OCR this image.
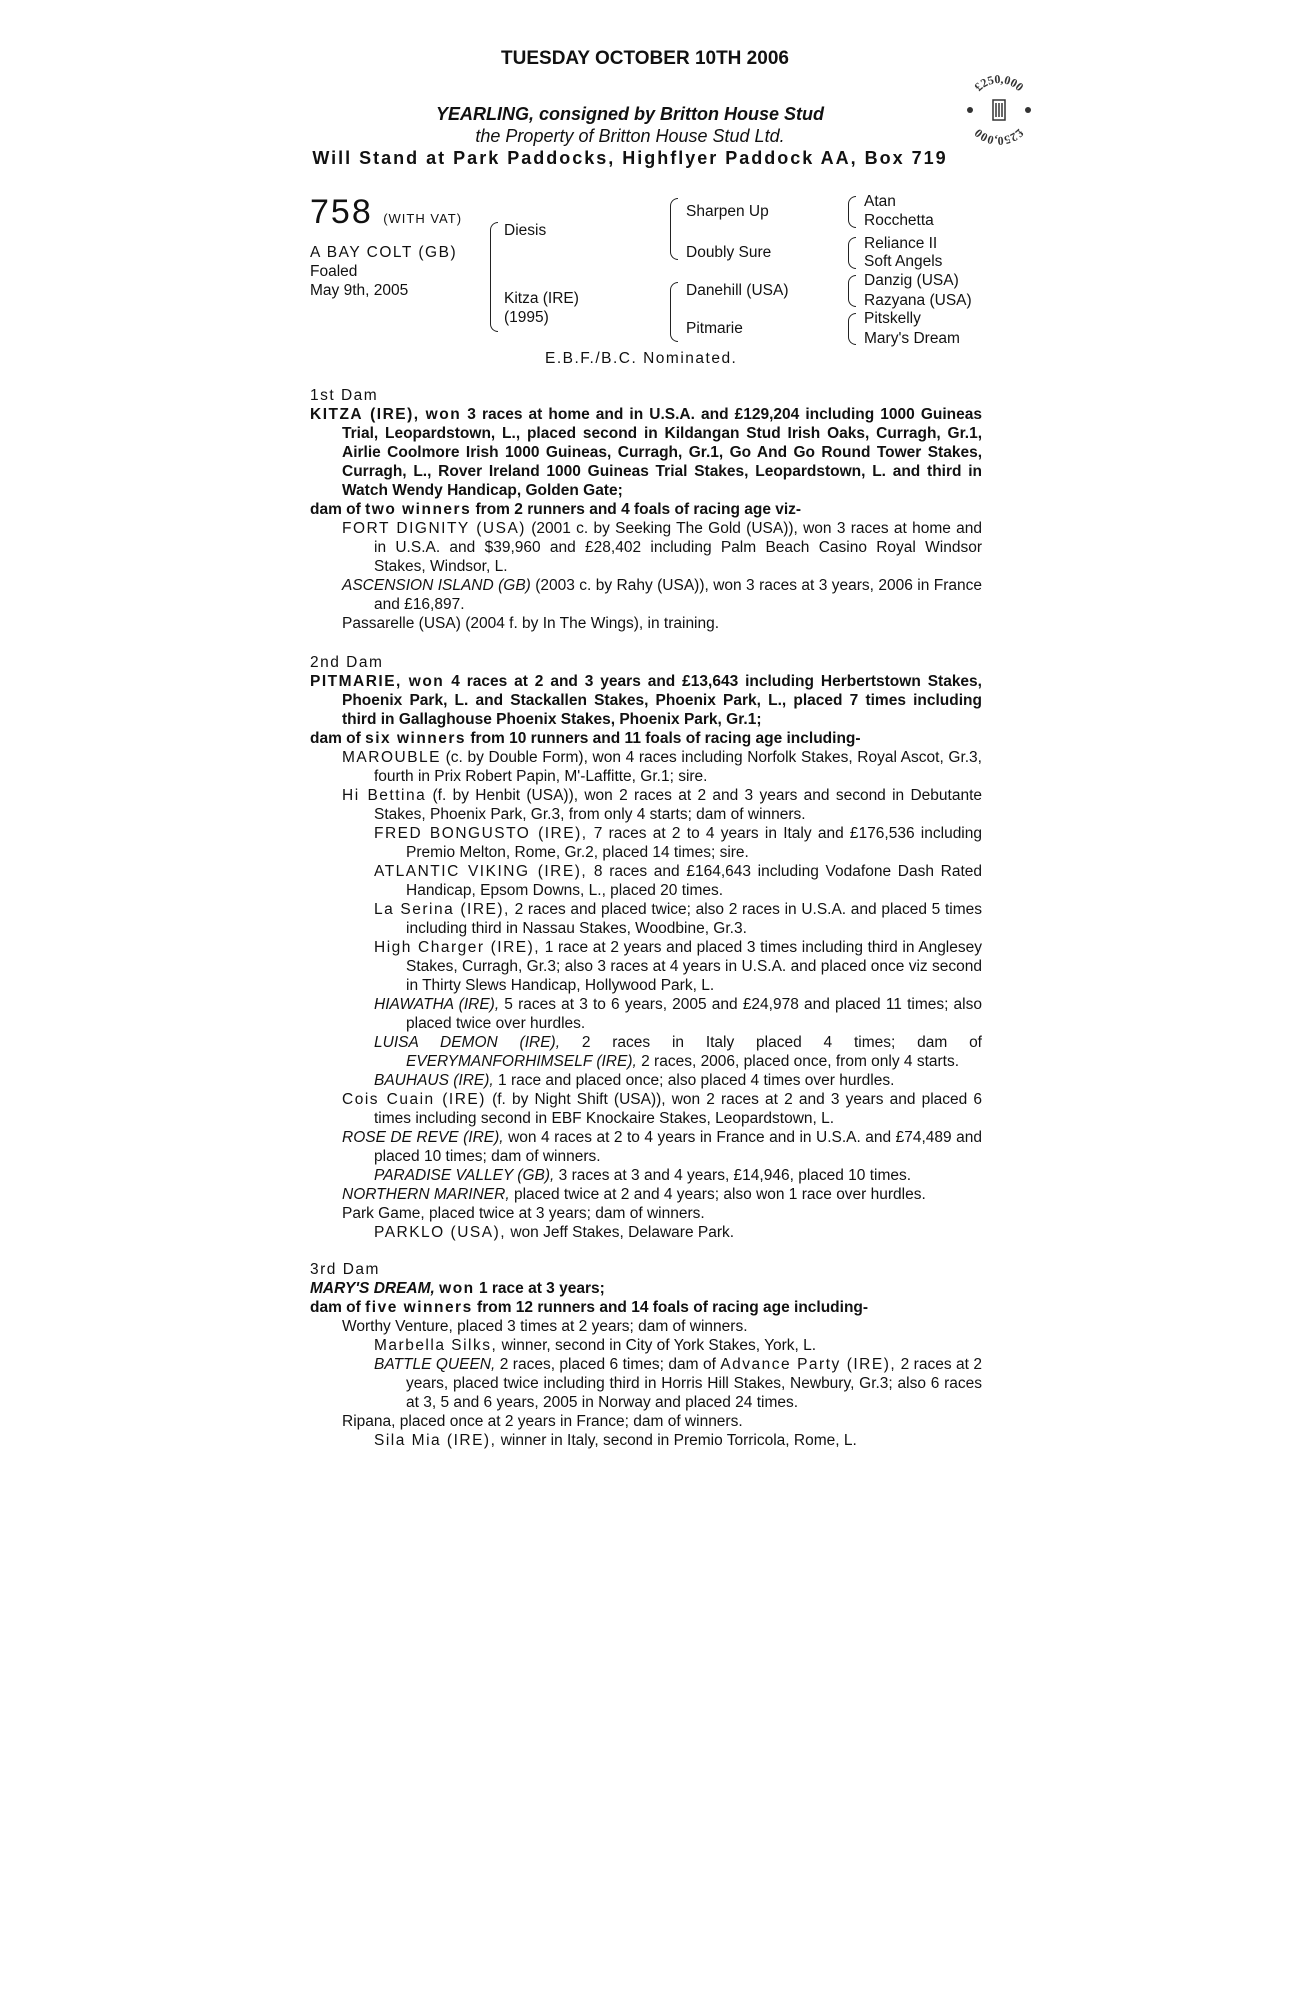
TUESDAY OCTOBER 10TH 2006
YEARLING, consigned by Britton House Stud
the Property of Britton House Stud Ltd.
Will Stand at Park Paddocks, Highflyer Paddock AA, Box 719
£250,000
£250,000
758 (WITH VAT)
A BAY COLT (GB)
Foaled
May 9th, 2005
Diesis
Kitza (IRE)
(1995)
Sharpen Up
Doubly Sure
Danehill (USA)
Pitmarie
Atan
Rocchetta
Reliance II
Soft Angels
Danzig (USA)
Razyana (USA)
Pitskelly
Mary's Dream
E.B.F./B.C. Nominated.

1st Dam

KITZA (IRE), won 3 races at home and in U.S.A. and £129,204 including 1000 Guineas Trial, Leopardstown, L., placed second in Kildangan Stud Irish Oaks, Curragh, Gr.1, Airlie Coolmore Irish 1000 Guineas, Curragh, Gr.1, Go And Go Round Tower Stakes, Curragh, L., Rover Ireland 1000 Guineas Trial Stakes, Leopardstown, L. and third in Watch Wendy Handicap, Golden Gate;

dam of two winners from 2 runners and 4 foals of racing age viz-

FORT DIGNITY (USA) (2001 c. by Seeking The Gold (USA)), won 3 races at home and in U.S.A. and $39,960 and £28,402 including Palm Beach Casino Royal Windsor Stakes, Windsor, L.

ASCENSION ISLAND (GB) (2003 c. by Rahy (USA)), won 3 races at 3 years, 2006 in France and £16,897.

Passarelle (USA) (2004 f. by In The Wings), in training.

2nd Dam

PITMARIE, won 4 races at 2 and 3 years and £13,643 including Herbertstown Stakes, Phoenix Park, L. and Stackallen Stakes, Phoenix Park, L., placed 7 times including third in Gallaghouse Phoenix Stakes, Phoenix Park, Gr.1;

dam of six winners from 10 runners and 11 foals of racing age including-

MAROUBLE (c. by Double Form), won 4 races including Norfolk Stakes, Royal Ascot, Gr.3, fourth in Prix Robert Papin, M'-Laffitte, Gr.1; sire.

Hi Bettina (f. by Henbit (USA)), won 2 races at 2 and 3 years and second in Debutante Stakes, Phoenix Park, Gr.3, from only 4 starts; dam of winners.

FRED BONGUSTO (IRE), 7 races at 2 to 4 years in Italy and £176,536 including Premio Melton, Rome, Gr.2, placed 14 times; sire.

ATLANTIC VIKING (IRE), 8 races and £164,643 including Vodafone Dash Rated Handicap, Epsom Downs, L., placed 20 times.

La Serina (IRE), 2 races and placed twice; also 2 races in U.S.A. and placed 5 times including third in Nassau Stakes, Woodbine, Gr.3.

High Charger (IRE), 1 race at 2 years and placed 3 times including third in Anglesey Stakes, Curragh, Gr.3; also 3 races at 4 years in U.S.A. and placed once viz second in Thirty Slews Handicap, Hollywood Park, L.

HIAWATHA (IRE), 5 races at 3 to 6 years, 2005 and £24,978 and placed 11 times; also placed twice over hurdles.

LUISA DEMON (IRE), 2 races in Italy placed 4 times; dam of

EVERYMANFORHIMSELF (IRE), 2 races, 2006, placed once, from only 4 starts.

BAUHAUS (IRE), 1 race and placed once; also placed 4 times over hurdles.

Cois Cuain (IRE) (f. by Night Shift (USA)), won 2 races at 2 and 3 years and placed 6 times including second in EBF Knockaire Stakes, Leopardstown, L.

ROSE DE REVE (IRE), won 4 races at 2 to 4 years in France and in U.S.A. and £74,489 and placed 10 times; dam of winners.

PARADISE VALLEY (GB), 3 races at 3 and 4 years, £14,946, placed 10 times.

NORTHERN MARINER, placed twice at 2 and 4 years; also won 1 race over hurdles.

Park Game, placed twice at 3 years; dam of winners.

PARKLO (USA), won Jeff Stakes, Delaware Park.

3rd Dam

MARY'S DREAM, won 1 race at 3 years;

dam of five winners from 12 runners and 14 foals of racing age including-

Worthy Venture, placed 3 times at 2 years; dam of winners.

Marbella Silks, winner, second in City of York Stakes, York, L.

BATTLE QUEEN, 2 races, placed 6 times; dam of Advance Party (IRE), 2 races at 2 years, placed twice including third in Horris Hill Stakes, Newbury, Gr.3; also 6 races at 3, 5 and 6 years, 2005 in Norway and placed 24 times.

Ripana, placed once at 2 years in France; dam of winners.

Sila Mia (IRE), winner in Italy, second in Premio Torricola, Rome, L.
